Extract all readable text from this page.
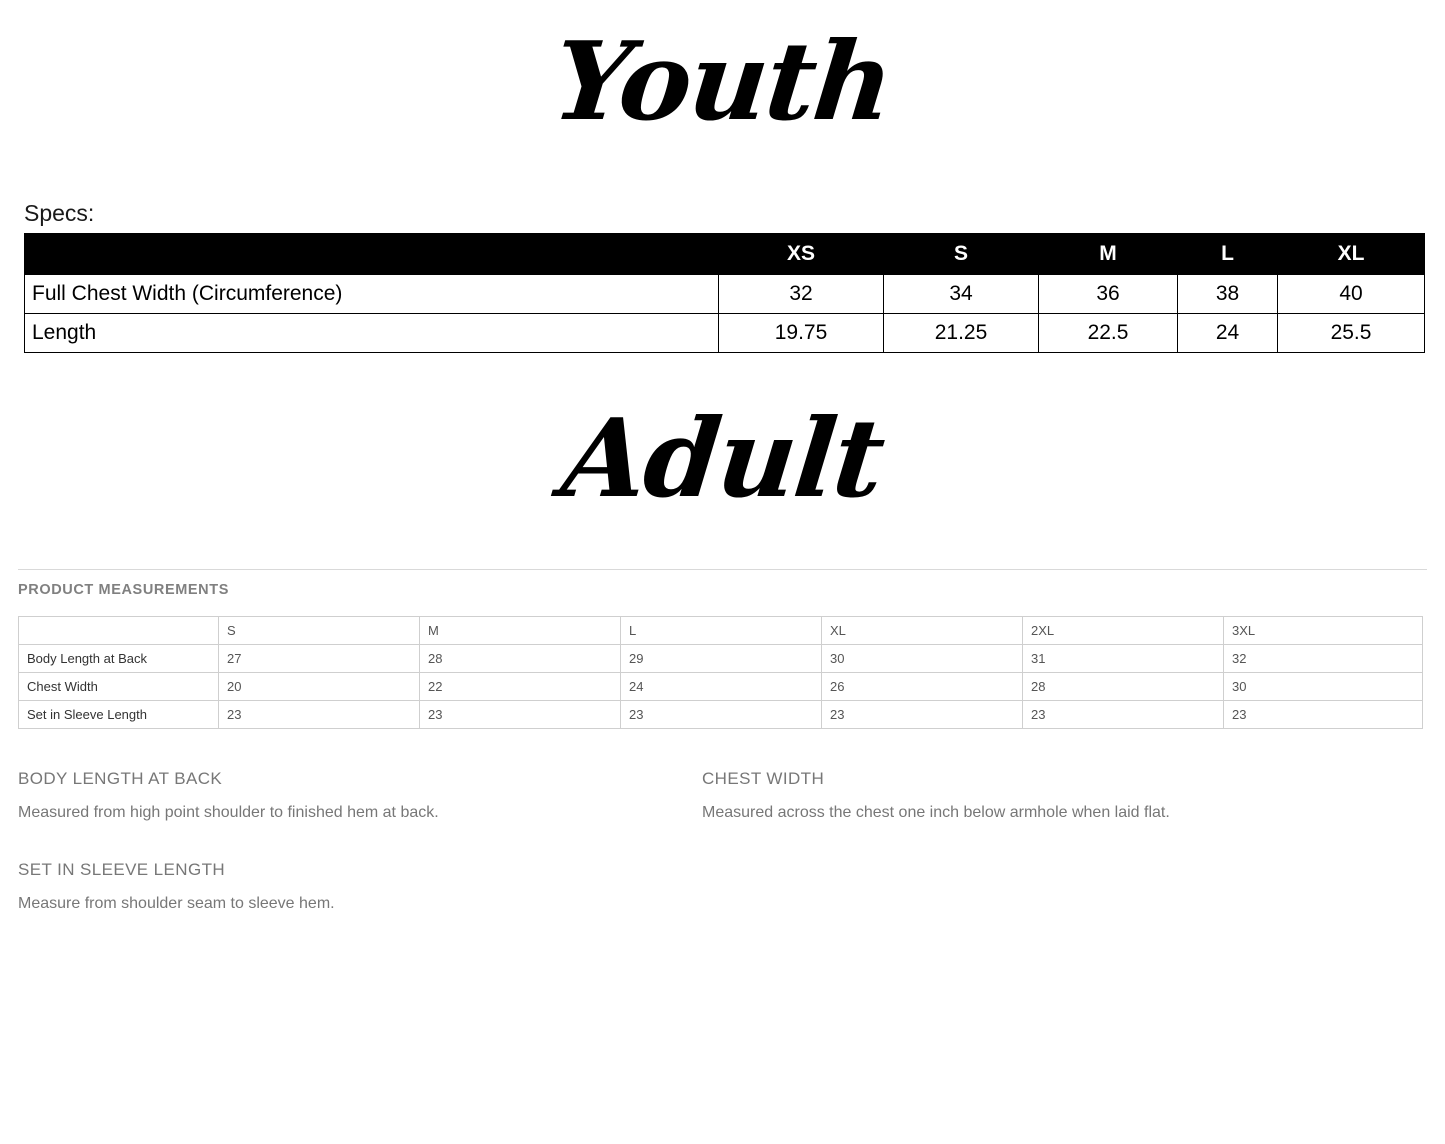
Youth
Specs:
	XS	S	M	L	XL
Full Chest Width (Circumference)	32	34	36	38	40
Length	19.75	21.25	22.5	24	25.5
Adult
PRODUCT MEASUREMENTS
	S	M	L	XL	2XL	3XL
Body Length at Back	27	28	29	30	31	32
Chest Width	20	22	24	26	28	30
Set in Sleeve Length	23	23	23	23	23	23
BODY LENGTH AT BACK
Measured from high point shoulder to finished hem at back.
CHEST WIDTH
Measured across the chest one inch below armhole when laid flat.
SET IN SLEEVE LENGTH
Measure from shoulder seam to sleeve hem.
